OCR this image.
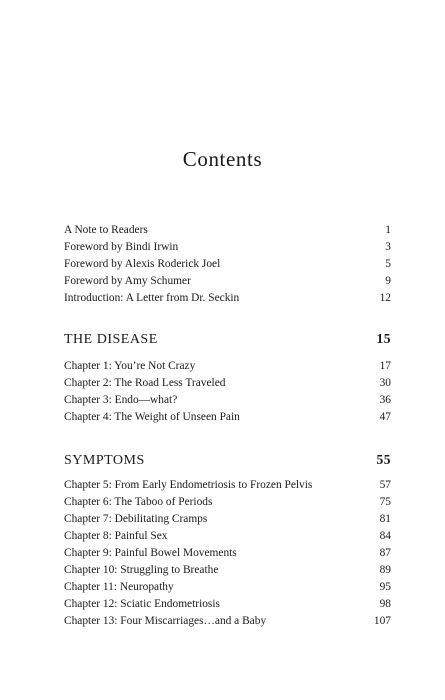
Contents
A Note to Readers	1
Foreword by Bindi Irwin	3
Foreword by Alexis Roderick Joel	5
Foreword by Amy Schumer	9
Introduction: A Letter from Dr. Seckin	12
THE DISEASE	15
Chapter 1: You’re Not Crazy	17
Chapter 2: The Road Less Traveled	30
Chapter 3: Endo—what?	36
Chapter 4: The Weight of Unseen Pain	47
SYMPTOMS	55
Chapter 5: From Early Endometriosis to Frozen Pelvis	57
Chapter 6: The Taboo of Periods	75
Chapter 7: Debilitating Cramps	81
Chapter 8: Painful Sex	84
Chapter 9: Painful Bowel Movements	87
Chapter 10: Struggling to Breathe	89
Chapter 11: Neuropathy	95
Chapter 12: Sciatic Endometriosis	98
Chapter 13: Four Miscarriages…and a Baby	107
